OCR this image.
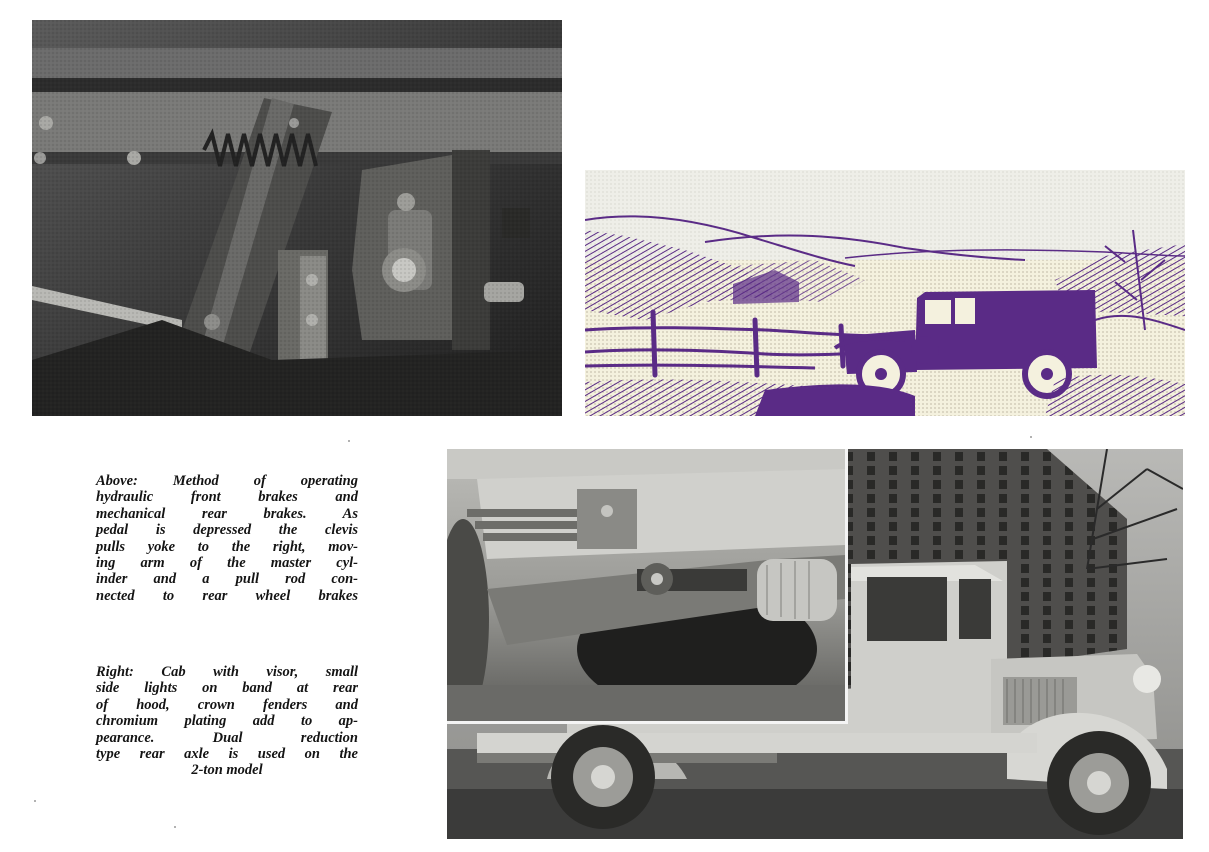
Above: Method of operating
hydraulic front brakes and
mechanical rear brakes. As
pedal is depressed the clevis
pulls yoke to the right, mov-
ing arm of the master cyl-
inder and a pull rod con-
nected to rear wheel brakes

Right: Cab with visor, small
side lights on band at rear
of hood, crown fenders and
chromium plating add to ap-
pearance. Dual reduction
type rear axle is used on the
2-ton model
